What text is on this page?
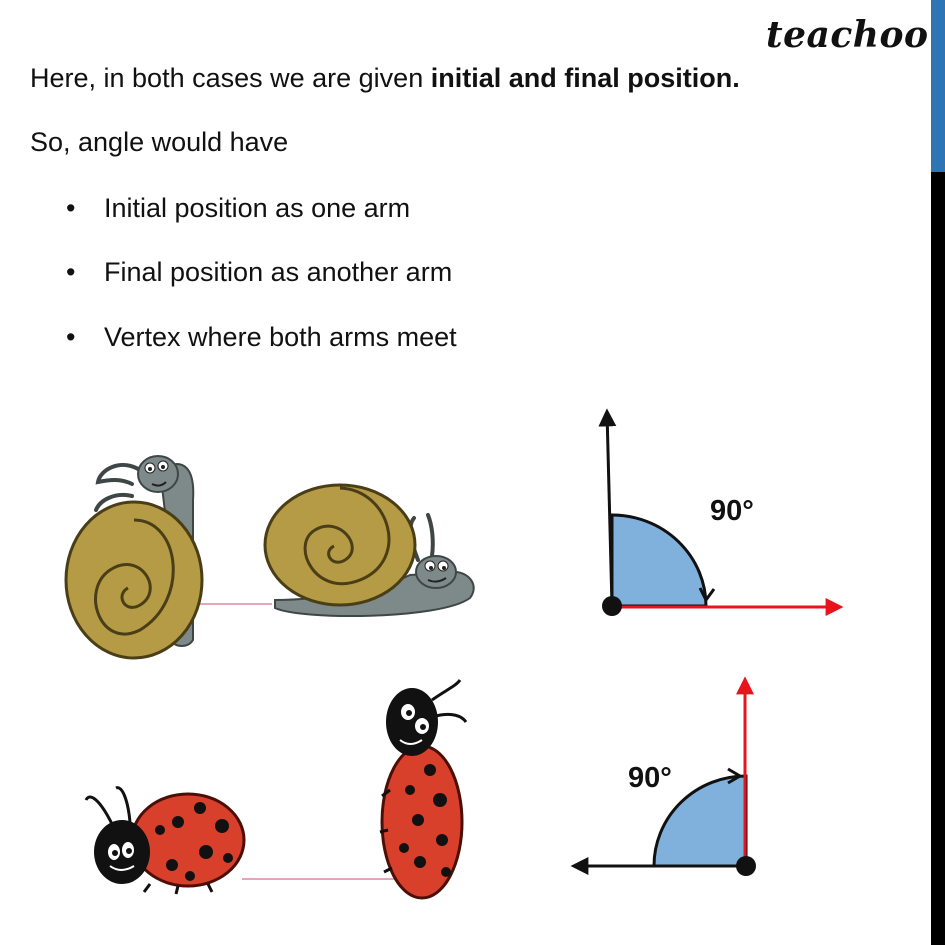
teachoo
Here, in both cases we are given initial and final position.
So, angle would have
• Initial position as one arm
• Final position as another arm
• Vertex where both arms meet
90°
90°
